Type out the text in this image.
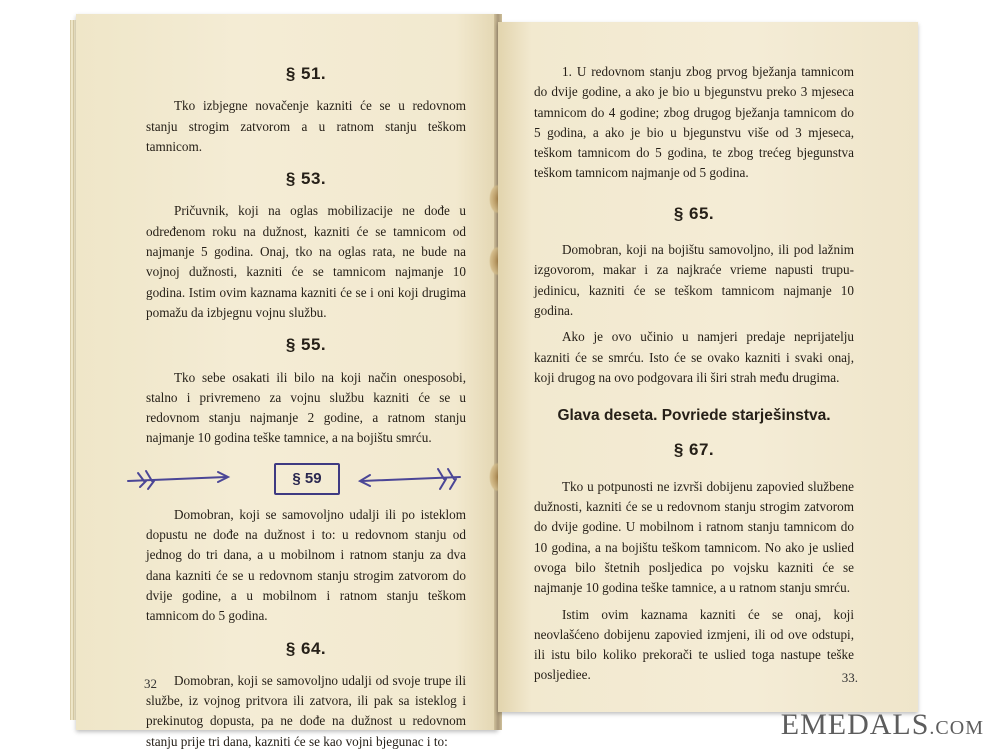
§ 51.

Tko izbjegne novačenje kazniti će se u redovnom stanju strogim zatvorom a u ratnom stanju teškom tamnicom.

§ 53.

Pričuvnik, koji na oglas mobilizacije ne dođe u određenom roku na dužnost, kazniti će se tamnicom od najmanje 5 godina. Onaj, tko na oglas rata, ne bude na vojnoj dužnosti, kazniti će se tamnicom najmanje 10 godina. Istim ovim kaznama kazniti će se i oni koji drugima pomažu da izbjegnu vojnu službu.

§ 55.

Tko sebe osakati ili bilo na koji način onesposobi, stalno i privremeno za vojnu službu kazniti će se u redovnom stanju najmanje 2 godine, a ratnom stanju najmanje 10 godina teške tamnice, a na bojištu smrću.

§ 59

Domobran, koji se samovoljno udalji ili po isteklom dopustu ne dođe na dužnost i to: u redovnom stanju od jednog do tri dana, a u mobilnom i ratnom stanju za dva dana kazniti će se u redovnom stanju strogim zatvorom do dvije godine, a u mobilnom i ratnom stanju teškom tamnicom do 5 godina.

§ 64.

Domobran, koji se samovoljno udalji od svoje trupe ili službe, iz vojnog pritvora ili zatvora, ili pak sa isteklog i prekinutog dopusta, pa ne dođe na dužnost u redovnom stanju prije tri dana, kazniti će se kao vojni bjegunac i to:

32

1. U redovnom stanju zbog prvog bježanja tamnicom do dvije godine, a ako je bio u bjegunstvu preko 3 mjeseca tamnicom do 4 godine; zbog drugog bježanja tamnicom do 5 godina, a ako je bio u bjegunstvu više od 3 mjeseca, teškom tamnicom do 5 godina, te zbog trećeg bjegunstva teškom tamnicom najmanje od 5 godina.

§ 65.

Domobran, koji na bojištu samovoljno, ili pod lažnim izgovorom, makar i za najkraće vrieme napusti trupu-jedinicu, kazniti će se teškom tamnicom najmanje 10 godina.

Ako je ovo učinio u namjeri predaje neprijatelju kazniti će se smrću. Isto će se ovako kazniti i svaki onaj, koji drugog na ovo podgovara ili širi strah među drugima.

Glava deseta. Povriede starješinstva.
§ 67.

Tko u potpunosti ne izvrši dobijenu zapovied službene dužnosti, kazniti će se u redovnom stanju strogim zatvorom do dvije godine. U mobilnom i ratnom stanju tamnicom do 10 godina, a na bojištu teškom tamnicom. No ako je uslied ovoga bilo štetnih posljedica po vojsku kazniti će se najmanje 10 godina teške tamnice, a u ratnom stanju smrću.

Istim ovim kaznama kazniti će se onaj, koji neovlašćeno dobijenu zapovied izmjeni, ili od ove odstupi, ili istu bilo koliko prekorači te uslied toga nastupe teške posljediee.	33.
EMEDALS.COM
